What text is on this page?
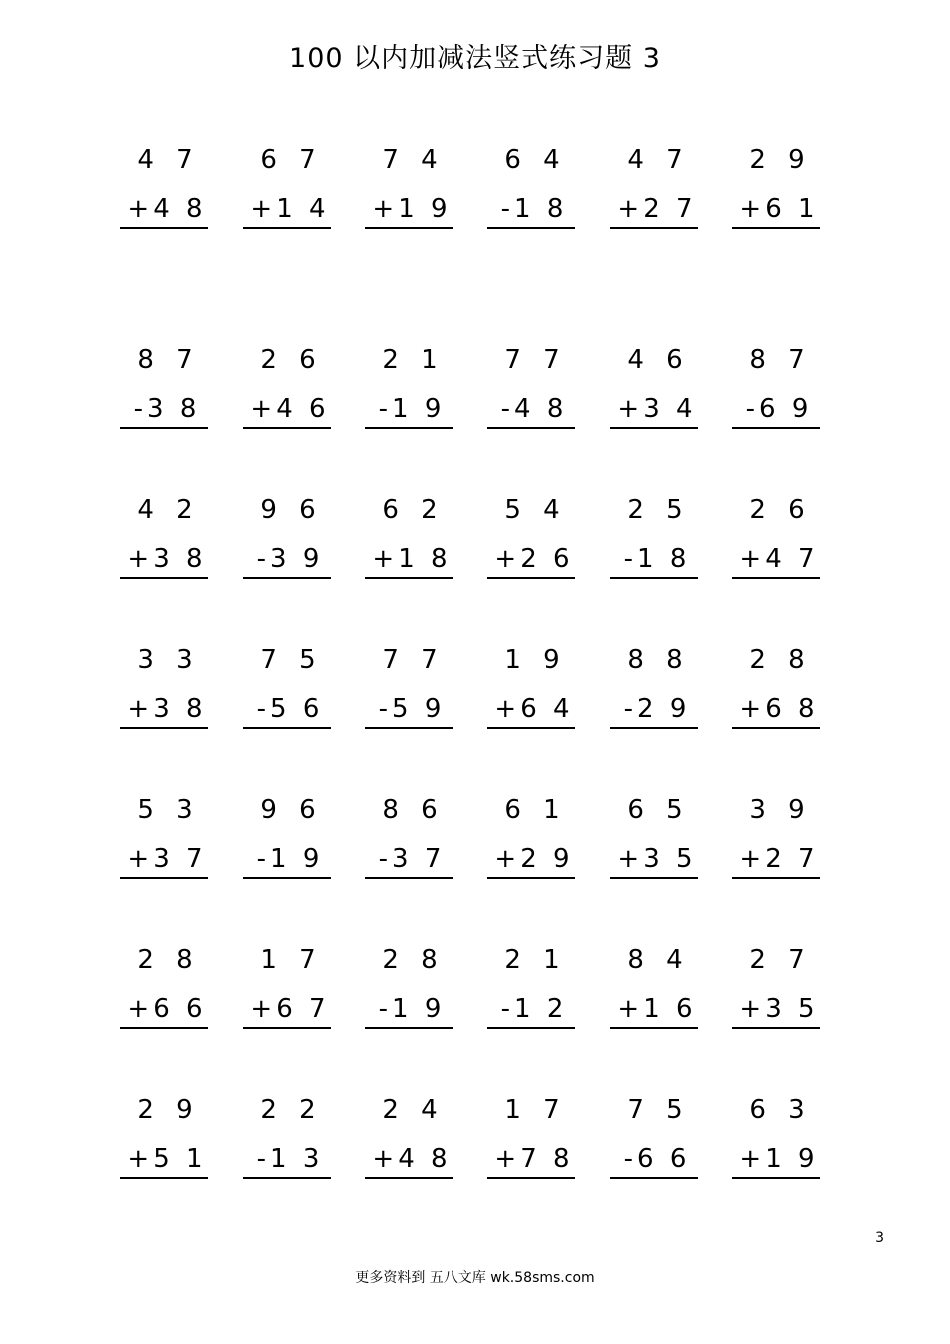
100 以内加减法竖式练习题 3
4 7
+4 8
6 7
+1 4
7 4
+1 9
6 4
-1 8
4 7
+2 7
2 9
+6 1
8 7
-3 8
2 6
+4 6
2 1
-1 9
7 7
-4 8
4 6
+3 4
8 7
-6 9
4 2
+3 8
9 6
-3 9
6 2
+1 8
5 4
+2 6
2 5
-1 8
2 6
+4 7
3 3
+3 8
7 5
-5 6
7 7
-5 9
1 9
+6 4
8 8
-2 9
2 8
+6 8
5 3
+3 7
9 6
-1 9
8 6
-3 7
6 1
+2 9
6 5
+3 5
3 9
+2 7
2 8
+6 6
1 7
+6 7
2 8
-1 9
2 1
-1 2
8 4
+1 6
2 7
+3 5
2 9
+5 1
2 2
-1 3
2 4
+4 8
1 7
+7 8
7 5
-6 6
6 3
+1 9
3
更多资料到 五八文库 wk.58sms.com
